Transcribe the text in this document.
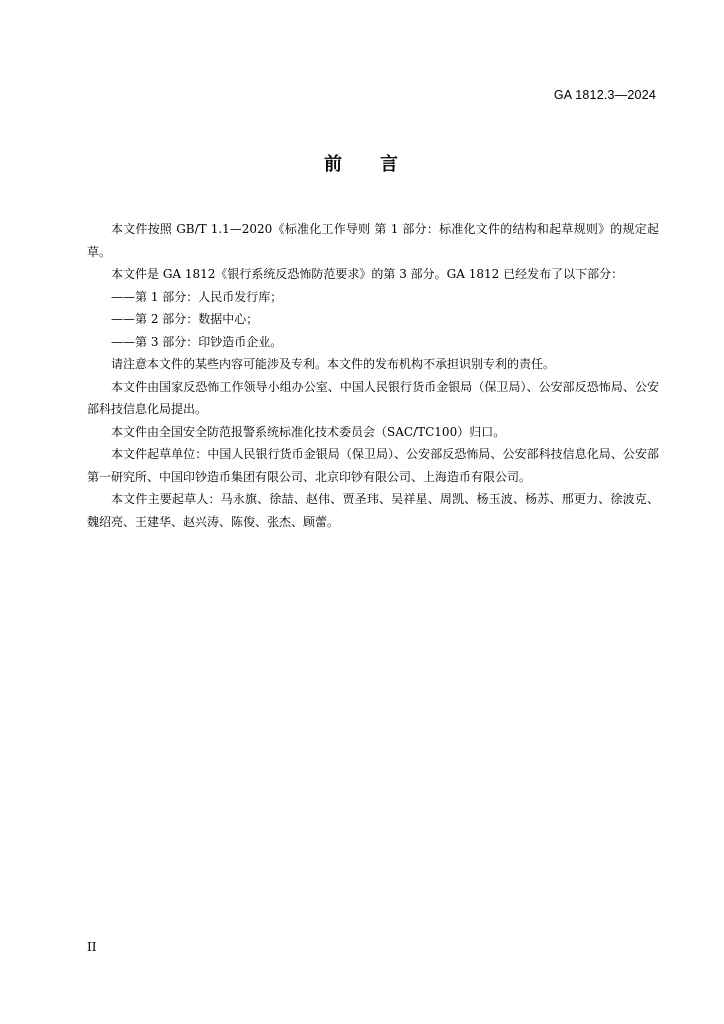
GA 1812.3—2024
前 言

本文件按照 GB/T 1.1—2020《标准化工作导则 第 1 部分：标准化文件的结构和起草规则》的规定起草。

本文件是 GA 1812《银行系统反恐怖防范要求》的第 3 部分。GA 1812 已经发布了以下部分：

——第 1 部分：人民币发行库；

——第 2 部分：数据中心；

——第 3 部分：印钞造币企业。

请注意本文件的某些内容可能涉及专利。本文件的发布机构不承担识别专利的责任。

本文件由国家反恐怖工作领导小组办公室、中国人民银行货币金银局（保卫局）、公安部反恐怖局、公安部科技信息化局提出。

本文件由全国安全防范报警系统标准化技术委员会（SAC/TC100）归口。

本文件起草单位：中国人民银行货币金银局（保卫局）、公安部反恐怖局、公安部科技信息化局、公安部第一研究所、中国印钞造币集团有限公司、北京印钞有限公司、上海造币有限公司。

本文件主要起草人：马永旗、徐喆、赵伟、贾圣玮、吴祥星、周凯、杨玉波、杨苏、邢更力、徐波克、魏绍亮、王建华、赵兴涛、陈俊、张杰、顾蕾。

II
